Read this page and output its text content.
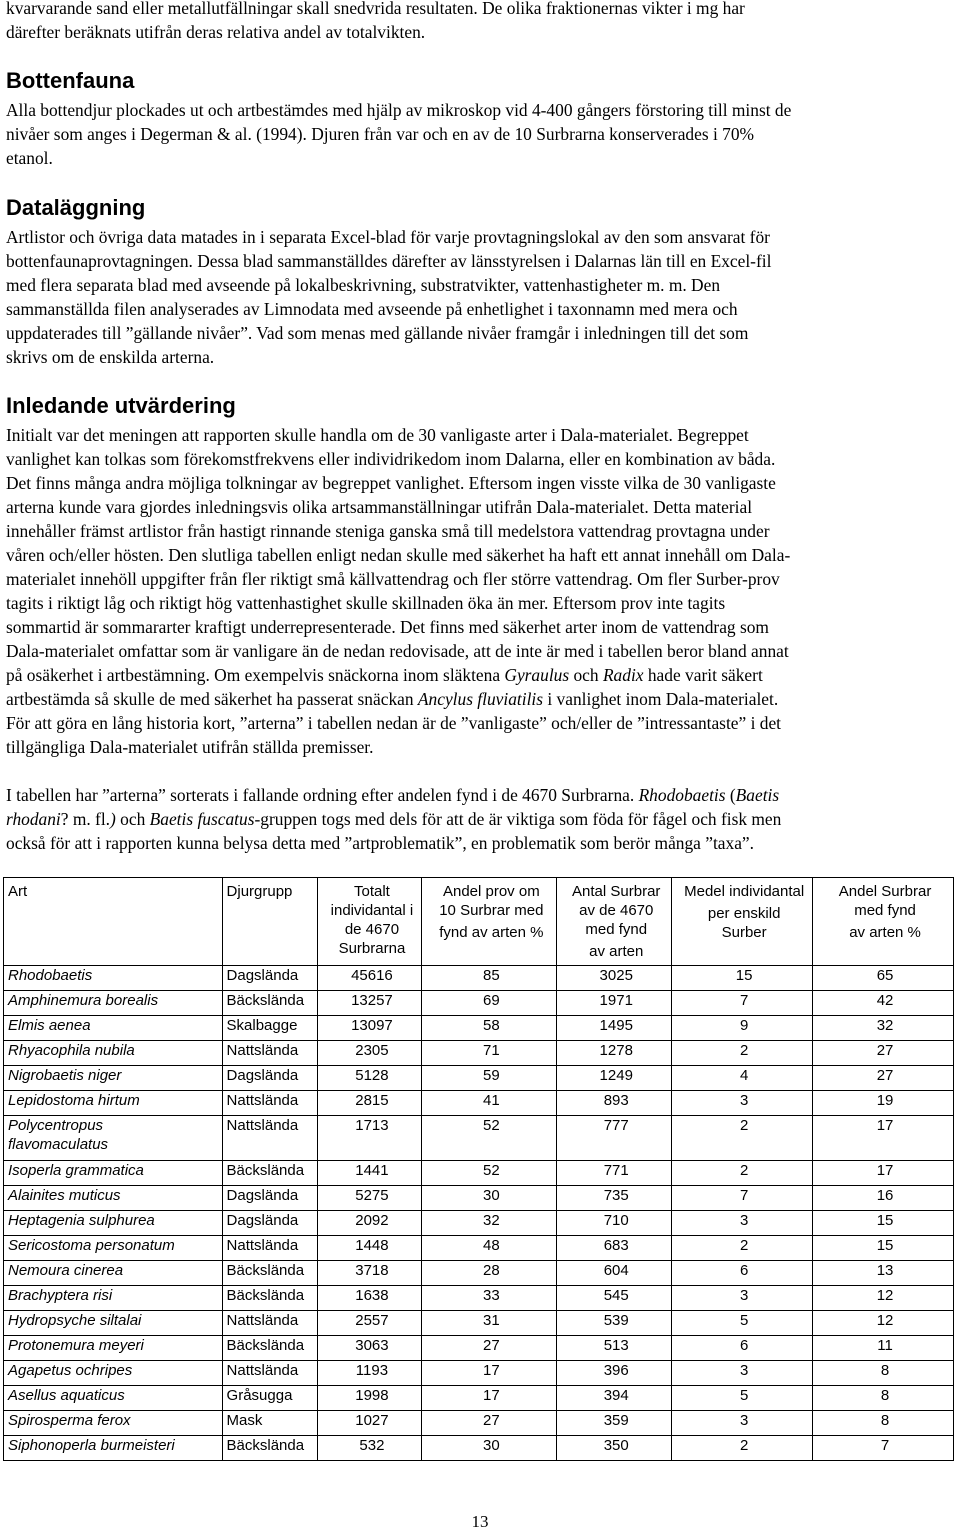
kvarvarande sand eller metallutfällningar skall snedvrida resultaten. De olika fraktionernas vikter i mg har
därefter beräknats utifrån deras relativa andel av totalvikten.

Bottenfauna

Alla bottendjur plockades ut och artbestämdes med hjälp av mikroskop vid 4-400 gångers förstoring till minst de
nivåer som anges i Degerman & al. (1994). Djuren från var och en av de 10 Surbrarna konserverades i 70%
etanol.

Dataläggning

Artlistor och övriga data matades in i separata Excel-blad för varje provtagningslokal av den som ansvarat för
bottenfaunaprovtagningen. Dessa blad sammanställdes därefter av länsstyrelsen i Dalarnas län till en Excel-fil
med flera separata blad med avseende på lokalbeskrivning, substratvikter, vattenhastigheter m. m. Den
sammanställda filen analyserades av Limnodata med avseende på enhetlighet i taxonnamn med mera och
uppdaterades till ”gällande nivåer”. Vad som menas med gällande nivåer framgår i inledningen till det som
skrivs om de enskilda arterna.

Inledande utvärdering

Initialt var det meningen att rapporten skulle handla om de 30 vanligaste arter i Dala-materialet. Begreppet
vanlighet kan tolkas som förekomstfrekvens eller individrikedom inom Dalarna, eller en kombination av båda.
Det finns många andra möjliga tolkningar av begreppet vanlighet. Eftersom ingen visste vilka de 30 vanligaste
arterna kunde vara gjordes inledningsvis olika artsammanställningar utifrån Dala-materialet. Detta material
innehåller främst artlistor från hastigt rinnande steniga ganska små till medelstora vattendrag provtagna under
våren och/eller hösten. Den slutliga tabellen enligt nedan skulle med säkerhet ha haft ett annat innehåll om Dala-
materialet innehöll uppgifter från fler riktigt små källvattendrag och fler större vattendrag. Om fler Surber-prov
tagits i riktigt låg och riktigt hög vattenhastighet skulle skillnaden öka än mer. Eftersom prov inte tagits
sommartid är sommararter kraftigt underrepresenterade. Det finns med säkerhet arter inom de vattendrag som
Dala-materialet omfattar som är vanligare än de nedan redovisade, att de inte är med i tabellen beror bland annat
på osäkerhet i artbestämning. Om exempelvis snäckorna inom släktena Gyraulus och Radix hade varit säkert
artbestämda så skulle de med säkerhet ha passerat snäckan Ancylus fluviatilis i vanlighet inom Dala-materialet.
För att göra en lång historia kort, ”arterna” i tabellen nedan är de ”vanligaste” och/eller de ”intressantaste” i det
tillgängliga Dala-materialet utifrån ställda premisser.

I tabellen har ”arterna” sorterats i fallande ordning efter andelen fynd i de 4670 Surbrarna. Rhodobaetis (Baetis
rhodani? m. fl.) och Baetis fuscatus-gruppen togs med dels för att de är viktiga som föda för fågel och fisk men
också för att i rapporten kunna belysa detta med ”artproblematik”, en problematik som berör många ”taxa”.

Art	Djurgrupp	Totalt
individantal i
de 4670
Surbrarna	Andel prov om
10 Surbrar med
fynd av arten %	Antal Surbrar
av de 4670
med fynd
av arten	Medel individantal
per enskild
Surber	Andel Surbrar
med fynd
av arten %

Rhodobaetis	Dagslända	45616	85	3025	15	65
Amphinemura borealis	Bäckslända	13257	69	1971	7	42
Elmis aenea	Skalbagge	13097	58	1495	9	32
Rhyacophila nubila	Nattslända	2305	71	1278	2	27
Nigrobaetis niger	Dagslända	5128	59	1249	4	27
Lepidostoma hirtum	Nattslända	2815	41	893	3	19

Polycentropus
flavomaculatus	Nattslända	1713	52	777	2	17
Isoperla grammatica	Bäckslända	1441	52	771	2	17
Alainites muticus	Dagslända	5275	30	735	7	16
Heptagenia sulphurea	Dagslända	2092	32	710	3	15
Sericostoma personatum	Nattslända	1448	48	683	2	15
Nemoura cinerea	Bäckslända	3718	28	604	6	13
Brachyptera risi	Bäckslända	1638	33	545	3	12
Hydropsyche siltalai	Nattslända	2557	31	539	5	12
Protonemura meyeri	Bäckslända	3063	27	513	6	11
Agapetus ochripes	Nattslända	1193	17	396	3	8
Asellus aquaticus	Gråsugga	1998	17	394	5	8
Spirosperma ferox	Mask	1027	27	359	3	8
Siphonoperla burmeisteri	Bäckslända	532	30	350	2	7
13
